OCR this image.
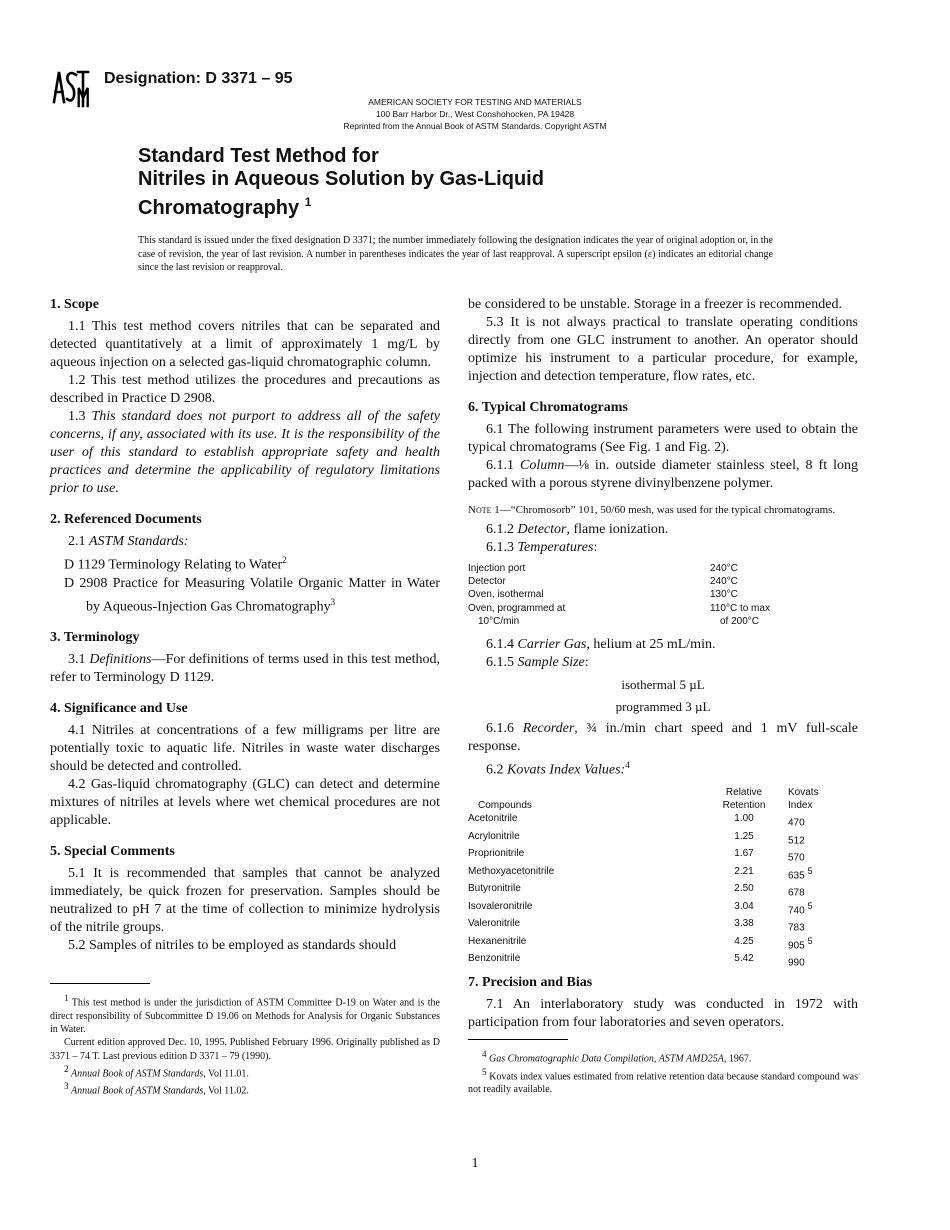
ASTM
Designation: D 3371 – 95
AMERICAN SOCIETY FOR TESTING AND MATERIALS
100 Barr Harbor Dr., West Conshohocken, PA 19428
Reprinted from the Annual Book of ASTM Standards. Copyright ASTM
Standard Test Method for
Nitriles in Aqueous Solution by Gas-Liquid
Chromatography $^1$
This standard is issued under the fixed designation D 3371; the number immediately following the designation indicates the year of original adoption or, in the case of revision, the year of last revision. A number in parentheses indicates the year of last reapproval. A superscript epsilon (ε) indicates an editorial change since the last revision or reapproval.
1. Scope

1.1 This test method covers nitriles that can be separated and detected quantitatively at a limit of approximately 1 mg/L by aqueous injection on a selected gas-liquid chromatographic column.

1.2 This test method utilizes the procedures and precautions as described in Practice D 2908.

1.3 This standard does not purport to address all of the safety concerns, if any, associated with its use. It is the responsibility of the user of this standard to establish appropriate safety and health practices and determine the applicability of regulatory limitations prior to use.

2. Referenced Documents

2.1 ASTM Standards:

D 1129 Terminology Relating to Water$^2$

D 2908 Practice for Measuring Volatile Organic Matter in Water by Aqueous-Injection Gas Chromatography$^3$

3. Terminology

3.1 Definitions—For definitions of terms used in this test method, refer to Terminology D 1129.

4. Significance and Use

4.1 Nitriles at concentrations of a few milligrams per litre are potentially toxic to aquatic life. Nitriles in waste water discharges should be detected and controlled.

4.2 Gas-liquid chromatography (GLC) can detect and determine mixtures of nitriles at levels where wet chemical procedures are not applicable.

5. Special Comments

5.1 It is recommended that samples that cannot be analyzed immediately, be quick frozen for preservation. Samples should be neutralized to pH 7 at the time of collection to minimize hydrolysis of the nitrile groups.

5.2 Samples of nitriles to be employed as standards should

$^1$ This test method is under the jurisdiction of ASTM Committee D-19 on Water and is the direct responsibility of Subcommittee D 19.06 on Methods for Analysis for Organic Substances in Water.

Current edition approved Dec. 10, 1995. Published February 1996. Originally published as D 3371 – 74 T. Last previous edition D 3371 – 79 (1990).

$^2$ Annual Book of ASTM Standards, Vol 11.01.

$^3$ Annual Book of ASTM Standards, Vol 11.02.

be considered to be unstable. Storage in a freezer is recommended.

5.3 It is not always practical to translate operating conditions directly from one GLC instrument to another. An operator should optimize his instrument to a particular procedure, for example, injection and detection temperature, flow rates, etc.

6. Typical Chromatograms

6.1 The following instrument parameters were used to obtain the typical chromatograms (See Fig. 1 and Fig. 2).

6.1.1 Column—⅛ in. outside diameter stainless steel, 8 ft long packed with a porous styrene divinylbenzene polymer.

Note 1—“Chromosorb” 101, 50/60 mesh, was used for the typical chromatograms.

6.1.2 Detector, flame ionization.

6.1.3 Temperatures:

Injection port	240°C
Detector	240°C
Oven, isothermal	130°C
Oven, programmed at	110°C to max
10°C/min	of 200°C

6.1.4 Carrier Gas, helium at 25 mL/min.

6.1.5 Sample Size:

isothermal 5 µL
programmed 3 µL

6.1.6 Recorder, ¾ in./min chart speed and 1 mV full-scale response.

6.2 Kovats Index Values:$^4$

	Relative	Kovats
Compounds	Retention	Index
Acetonitrile	1.00	470
Acrylonitrile	1.25	512
Proprionitrile	1.67	570
Methoxyacetonitrile	2.21	635 $^5$
Butyronitrile	2.50	678
Isovaleronitrile	3.04	740 $^5$
Valeronitrile	3.38	783
Hexanenitrile	4.25	905 $^5$
Benzonitrile	5.42	990
7. Precision and Bias

7.1 An interlaboratory study was conducted in 1972 with participation from four laboratories and seven operators.

$^4$ Gas Chromatographic Data Compilation, ASTM AMD25A, 1967.

$^5$ Kovats index values estimated from relative retention data because standard compound was not readily available.

1
